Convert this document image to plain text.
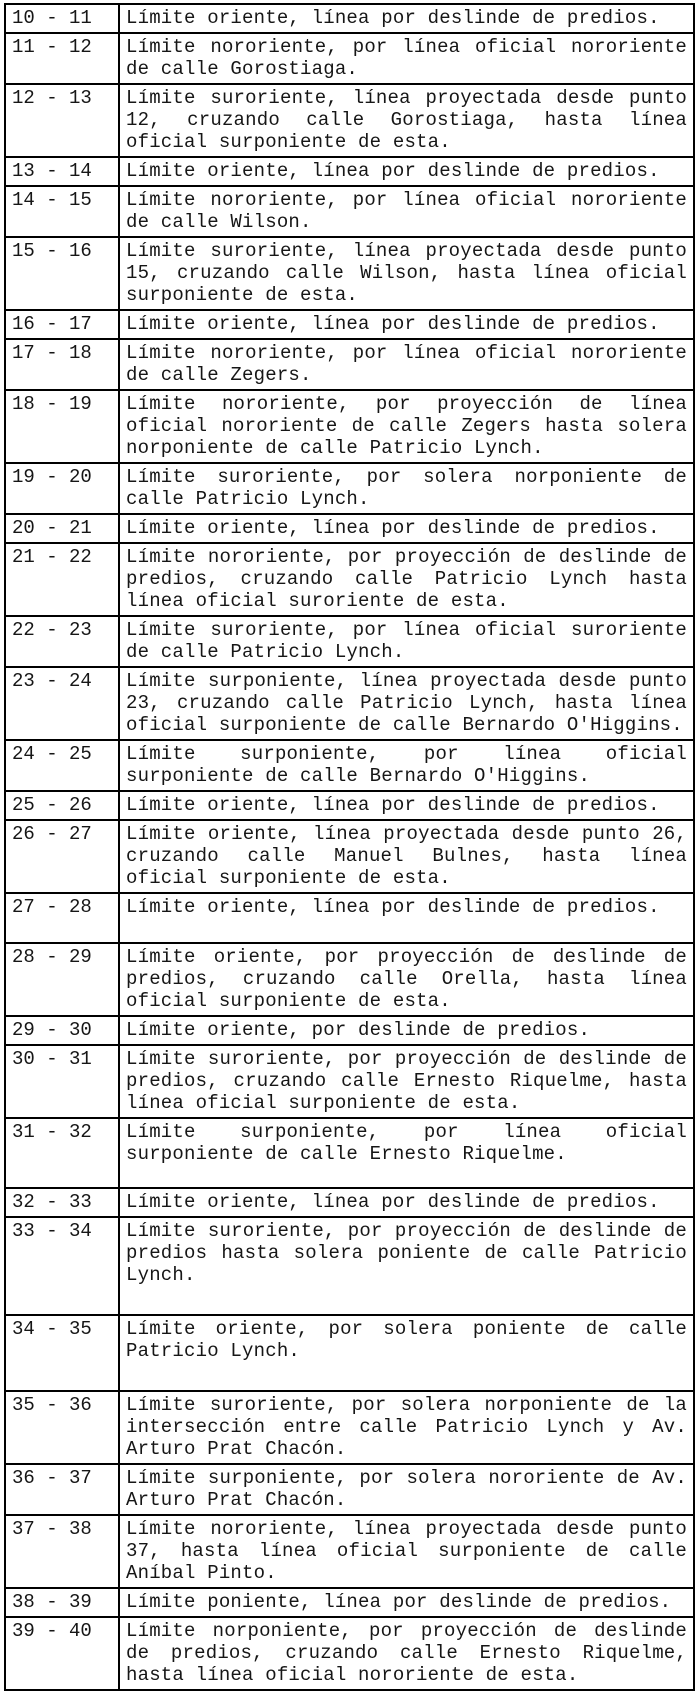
10 - 11	Límite oriente, línea por deslinde de predios.
11 - 12	Límite nororiente, por línea oficial nororiente de calle Gorostiaga.
12 - 13	Límite suroriente, línea proyectada desde punto 12, cruzando calle Gorostiaga, hasta línea oficial surponiente de esta.
13 - 14	Límite oriente, línea por deslinde de predios.
14 - 15	Límite nororiente, por línea oficial nororiente de calle Wilson.
15 - 16	Límite suroriente, línea proyectada desde punto 15, cruzando calle Wilson, hasta línea oficial surponiente de esta.
16 - 17	Límite oriente, línea por deslinde de predios.
17 - 18	Límite nororiente, por línea oficial nororiente de calle Zegers.
18 - 19	Límite nororiente, por proyección de línea oficial nororiente de calle Zegers hasta solera norponiente de calle Patricio Lynch.
19 - 20	Límite suroriente, por solera norponiente de calle Patricio Lynch.
20 - 21	Límite oriente, línea por deslinde de predios.
21 - 22	Límite nororiente, por proyección de deslinde de predios, cruzando calle Patricio Lynch hasta línea oficial suroriente de esta.
22 - 23	Límite suroriente, por línea oficial suroriente de calle Patricio Lynch.
23 - 24	Límite surponiente, línea proyectada desde punto 23, cruzando calle Patricio Lynch, hasta línea oficial surponiente de calle Bernardo O'Higgins.
24 - 25	Límite surponiente, por línea oficial surponiente de calle Bernardo O'Higgins.
25 - 26	Límite oriente, línea por deslinde de predios.
26 - 27	Límite oriente, línea proyectada desde punto 26, cruzando calle Manuel Bulnes, hasta línea oficial surponiente de esta.
27 - 28	Límite oriente, línea por deslinde de predios.
28 - 29	Límite oriente, por proyección de deslinde de predios, cruzando calle Orella, hasta línea oficial surponiente de esta.
29 - 30	Límite oriente, por deslinde de predios.
30 - 31	Límite suroriente, por proyección de deslinde de predios, cruzando calle Ernesto Riquelme, hasta línea oficial surponiente de esta.
31 - 32	Límite surponiente, por línea oficial surponiente de calle Ernesto Riquelme.
32 - 33	Límite oriente, línea por deslinde de predios.
33 - 34	Límite suroriente, por proyección de deslinde de predios hasta solera poniente de calle Patricio Lynch.
34 - 35	Límite oriente, por solera poniente de calle Patricio Lynch.
35 - 36	Límite suroriente, por solera norponiente de la intersección entre calle Patricio Lynch y Av. Arturo Prat Chacón.
36 - 37	Límite surponiente, por solera nororiente de Av. Arturo Prat Chacón.
37 - 38	Límite nororiente, línea proyectada desde punto 37, hasta línea oficial surponiente de calle Aníbal Pinto.
38 - 39	Límite poniente, línea por deslinde de predios.
39 - 40	Límite norponiente, por proyección de deslinde de predios, cruzando calle Ernesto Riquelme, hasta línea oficial nororiente de esta.
